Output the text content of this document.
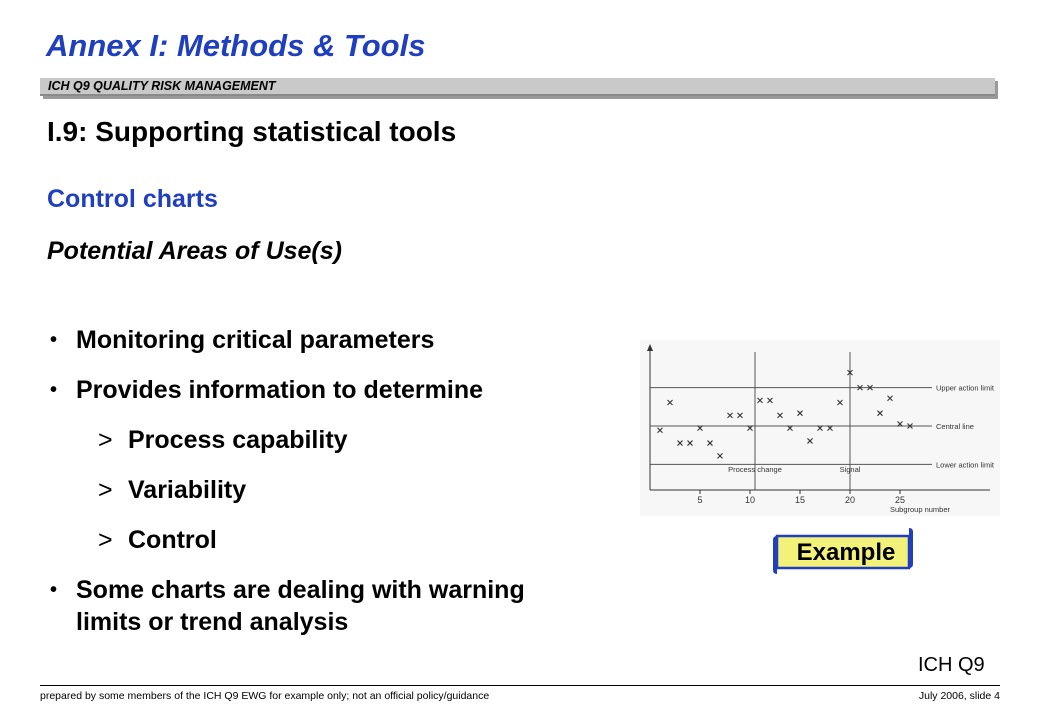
Annex I: Methods & Tools
ICH Q9 QUALITY RISK MANAGEMENT
I.9: Supporting statistical tools
Control charts
Potential Areas of Use(s)
• Monitoring critical parameters
• Provides information to determine
> Process capability
> Variability
> Control
• Some charts are dealing with warning limits or trend analysis
Upper action limit
Central line
Lower action limit
Process change	Signal
5	10	15	20	25
Subgroup number
Example
ICH Q9
prepared by some members of the ICH Q9 EWG for example only; not an official policy/guidance	July 2006, slide 4
